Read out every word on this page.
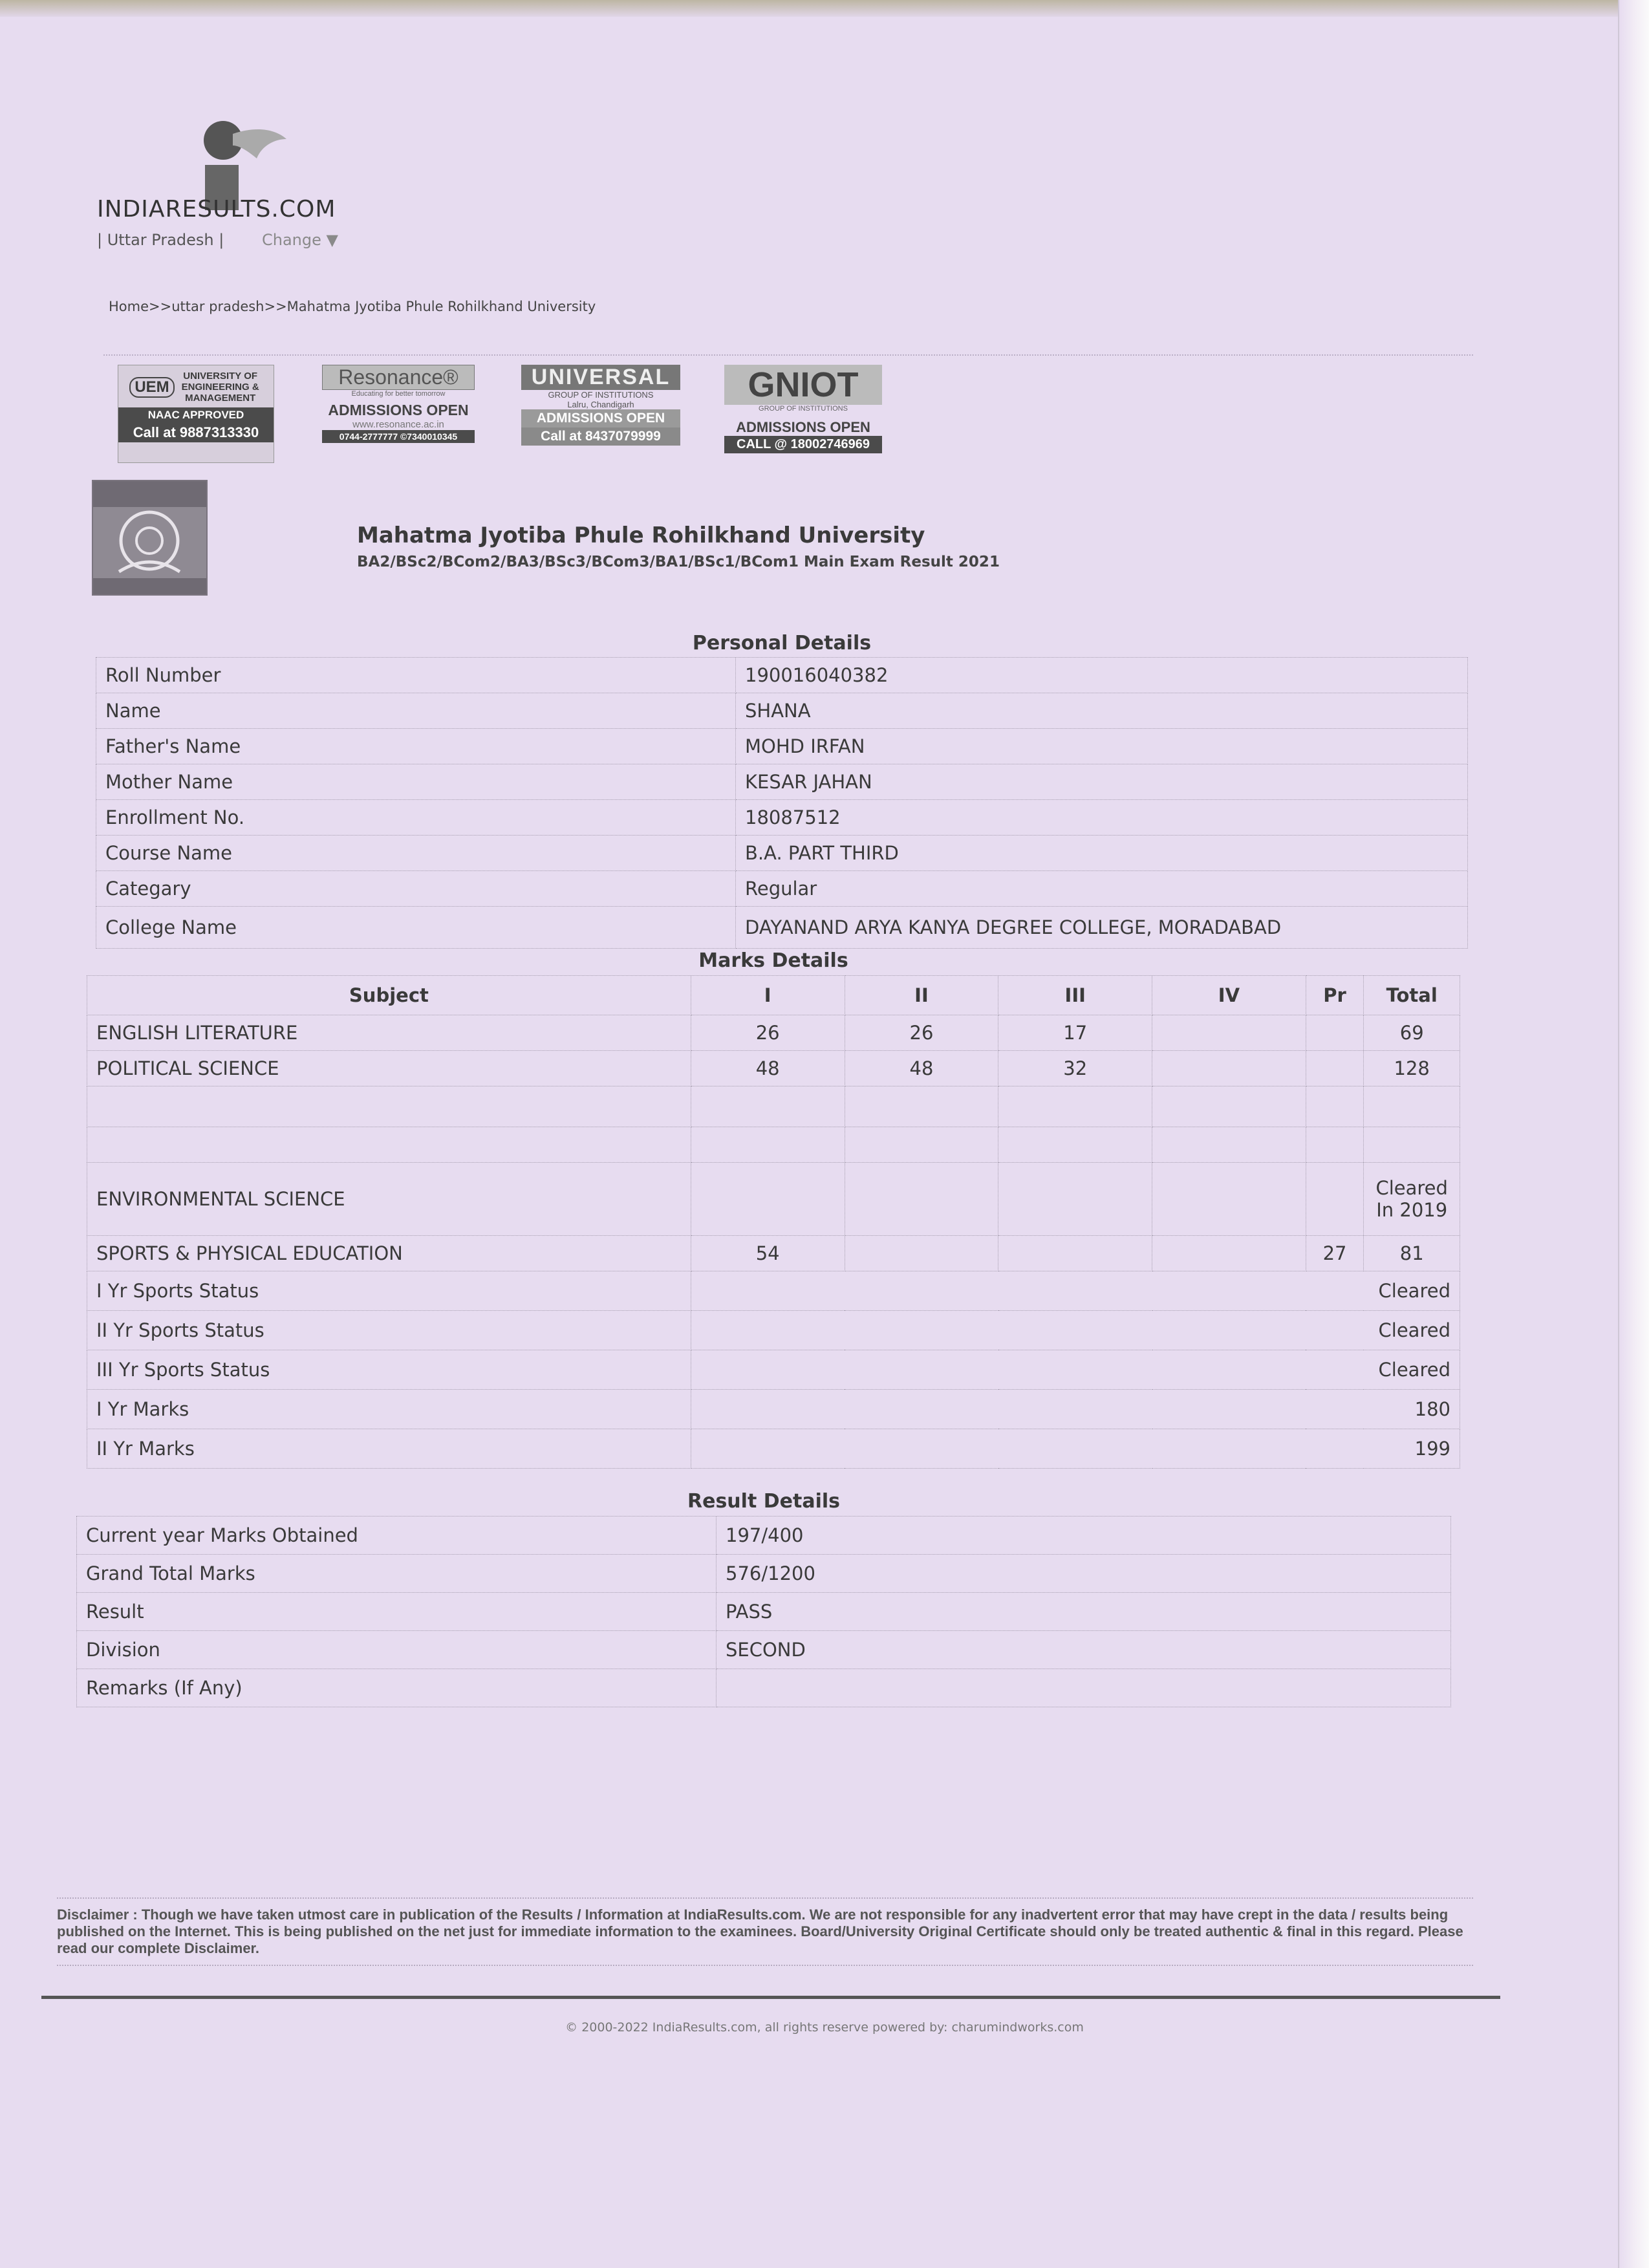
INDIARESULTS.COM
| Uttar Pradesh | Change ▼
Home>>uttar pradesh>>Mahatma Jyotiba Phule Rohilkhand University
UEM
UNIVERSITY OF ENGINEERING & MANAGEMENT
NAAC APPROVED
Call at 9887313330
Resonance®
Educating for better tomorrow
ADMISSIONS OPEN
www.resonance.ac.in
0744-2777777 ©7340010345
UNIVERSAL
GROUP OF INSTITUTIONS
Lalru, Chandigarh
ADMISSIONS OPEN
Call at 8437079999
GNIOT
GROUP OF INSTITUTIONS
ADMISSIONS OPEN
CALL @ 18002746969
Mahatma Jyotiba Phule Rohilkhand University
BA2/BSc2/BCom2/BA3/BSc3/BCom3/BA1/BSc1/BCom1 Main Exam Result 2021
Personal Details	
Roll Number	190016040382
Name	SHANA
Father's Name	MOHD IRFAN
Mother Name	KESAR JAHAN
Enrollment No.	18087512
Course Name	B.A. PART THIRD
Categary	Regular
College Name	DAYANAND ARYA KANYA DEGREE COLLEGE, MORADABAD
Marks Details						
Subject	I	II	III	IV	Pr	Total
ENGLISH LITERATURE	26	26	17			69
POLITICAL SCIENCE	48	48	32			128

ENVIRONMENTAL SCIENCE						Cleared In 2019
SPORTS & PHYSICAL EDUCATION	54				27	81
I Yr Sports Status	Cleared					
II Yr Sports Status	Cleared					
III Yr Sports Status	Cleared					
I Yr Marks	180					
II Yr Marks	199					
Result Details	
Current year Marks Obtained	197/400
Grand Total Marks	576/1200
Result	PASS
Division	SECOND
Remarks (If Any)	
Disclaimer : Though we have taken utmost care in publication of the Results / Information at IndiaResults.com. We are not responsible for any inadvertent error that may have crept in the data / results being published on the Internet. This is being published on the net just for immediate information to the examinees. Board/University Original Certificate should only be treated authentic & final in this regard. Please read our complete Disclaimer.
© 2000-2022 IndiaResults.com, all rights reserve powered by: charumindworks.com
